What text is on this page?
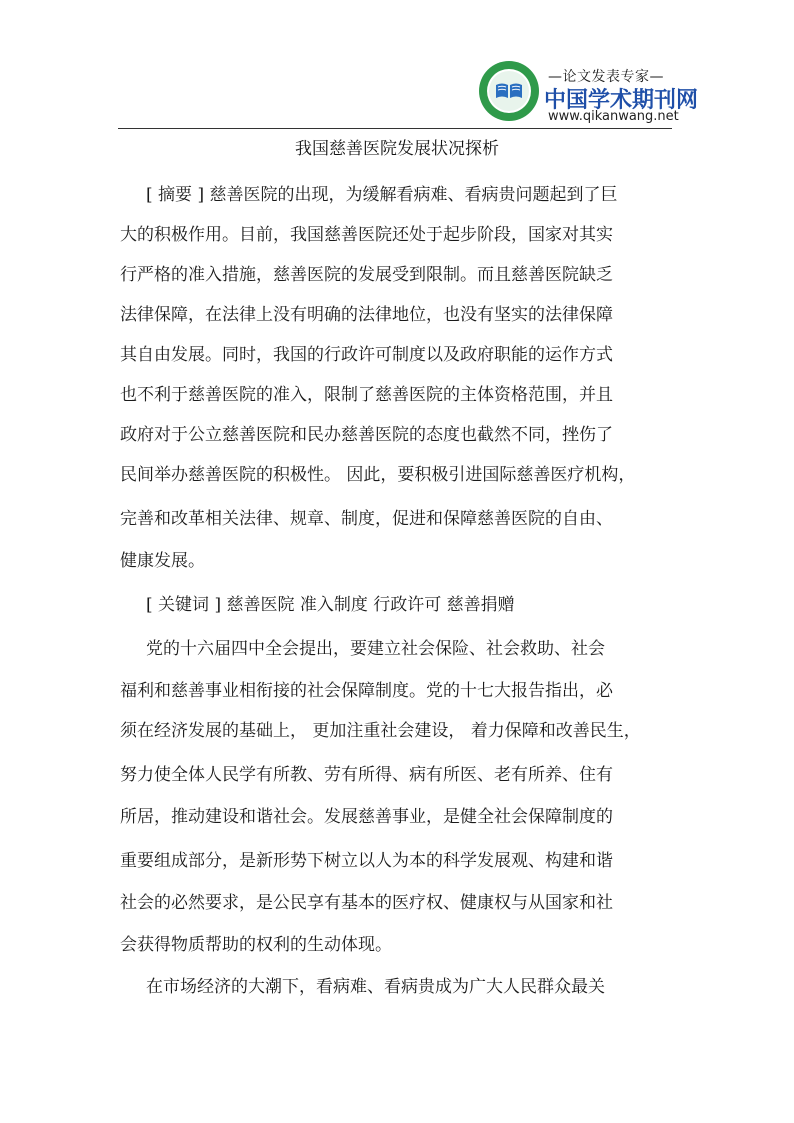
—论文发表专家—
中国学术期刊网
www.qikanwang.net
我国慈善医院发展状况探析
[ 摘要 ] 慈善医院的出现，为缓解看病难、看病贵问题起到了巨
大的积极作用。目前，我国慈善医院还处于起步阶段，国家对其实
行严格的准入措施，慈善医院的发展受到限制。而且慈善医院缺乏
法律保障，在法律上没有明确的法律地位，也没有坚实的法律保障
其自由发展。同时，我国的行政许可制度以及政府职能的运作方式
也不利于慈善医院的准入，限制了慈善医院的主体资格范围，并且
政府对于公立慈善医院和民办慈善医院的态度也截然不同，挫伤了
民间举办慈善医院的积极性。 因此，要积极引进国际慈善医疗机构，
完善和改革相关法律、规章、制度，促进和保障慈善医院的自由、
健康发展。
[ 关键词 ] 慈善医院 准入制度 行政许可 慈善捐赠
党的十六届四中全会提出，要建立社会保险、社会救助、社会
福利和慈善事业相衔接的社会保障制度。党的十七大报告指出，必
须在经济发展的基础上， 更加注重社会建设， 着力保障和改善民生，
努力使全体人民学有所教、劳有所得、病有所医、老有所养、住有
所居，推动建设和谐社会。发展慈善事业，是健全社会保障制度的
重要组成部分，是新形势下树立以人为本的科学发展观、构建和谐
社会的必然要求，是公民享有基本的医疗权、健康权与从国家和社
会获得物质帮助的权利的生动体现。
在市场经济的大潮下，看病难、看病贵成为广大人民群众最关
